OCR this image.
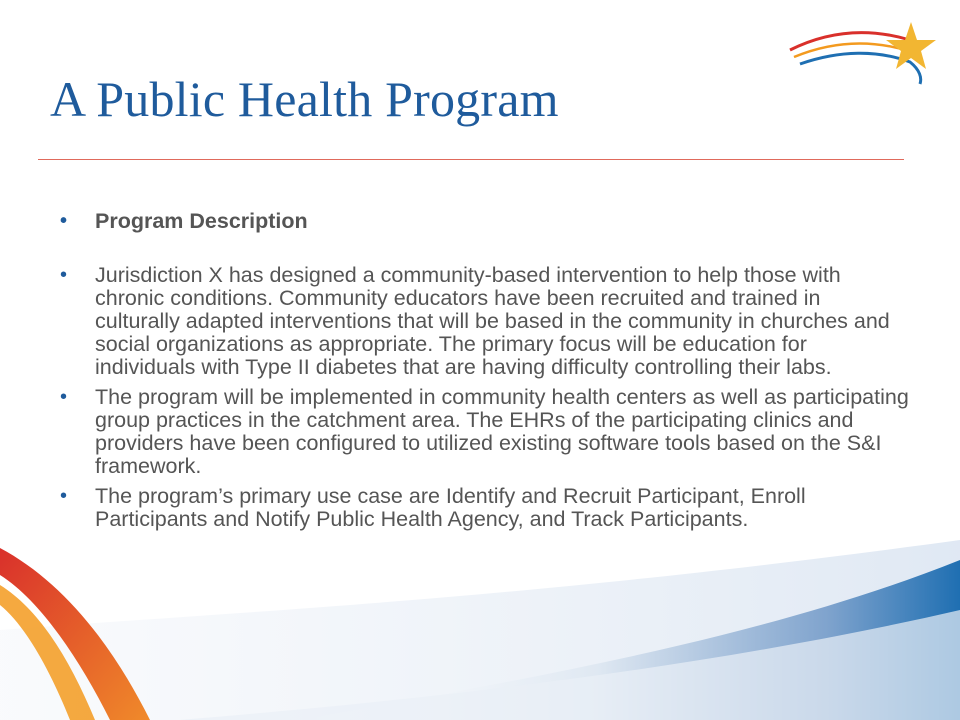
A Public Health Program
• Program Description
• Jurisdiction X has designed a community-based intervention to help those with chronic conditions. Community educators have been recruited and trained in culturally adapted interventions that will be based in the community in churches and social organizations as appropriate. The primary focus will be education for individuals with Type II diabetes that are having difficulty controlling their labs.
• The program will be implemented in community health centers as well as participating group practices in the catchment area. The EHRs of the participating clinics and providers have been configured to utilized existing software tools based on the S&I framework.
• The program’s primary use case are Identify and Recruit Participant, Enroll Participants and Notify Public Health Agency, and Track Participants.
